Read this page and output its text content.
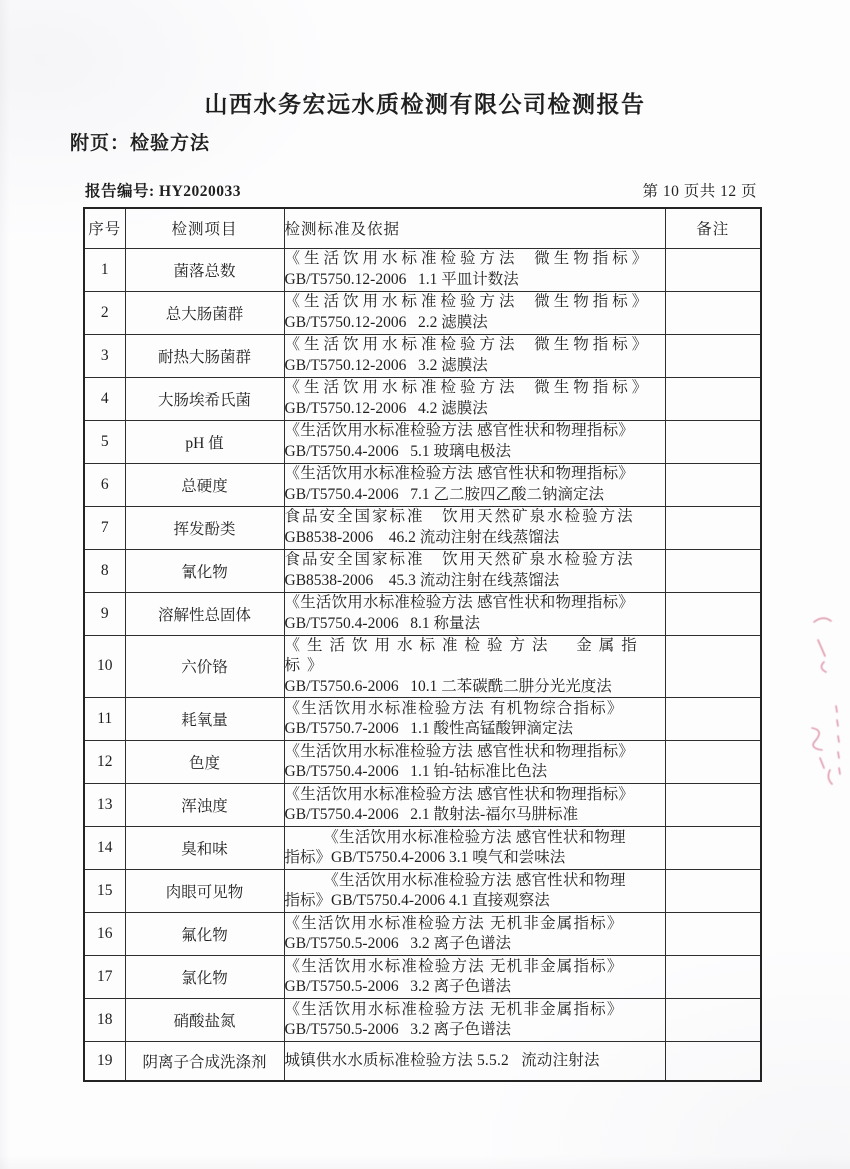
山西水务宏远水质检测有限公司检测报告
附页：检验方法
报告编号: HY2020033	第 10 页共 12 页
序号	检测项目	检测标准及依据	备注
1	菌落总数	《生活饮用水标准检验方法  微生物指标》
GB/T5750.12-2006   1.1 平皿计数法	

2	总大肠菌群	《生活饮用水标准检验方法  微生物指标》
GB/T5750.12-2006   2.2 滤膜法	

3	耐热大肠菌群	《生活饮用水标准检验方法  微生物指标》
GB/T5750.12-2006   3.2 滤膜法	

4	大肠埃希氏菌	《生活饮用水标准检验方法  微生物指标》
GB/T5750.12-2006   4.2 滤膜法	

5	pH 值	《生活饮用水标准检验方法 感官性状和物理指标》
GB/T5750.4-2006   5.1 玻璃电极法	

6	总硬度	《生活饮用水标准检验方法 感官性状和物理指标》
GB/T5750.4-2006   7.1 乙二胺四乙酸二钠滴定法	

7	挥发酚类	食品安全国家标准   饮用天然矿泉水检验方法
GB8538-2006    46.2 流动注射在线蒸馏法	

8	氰化物	食品安全国家标准   饮用天然矿泉水检验方法
GB8538-2006    45.3 流动注射在线蒸馏法	

9	溶解性总固体	《生活饮用水标准检验方法 感官性状和物理指标》
GB/T5750.4-2006   8.1 称量法	

10	六价铬	《生活饮用水标准检验方法  金属指标》
GB/T5750.6-2006   10.1 二苯碳酰二肼分光光度法	

11	耗氧量	《生活饮用水标准检验方法 有机物综合指标》
GB/T5750.7-2006   1.1 酸性高锰酸钾滴定法	

12	色度	《生活饮用水标准检验方法 感官性状和物理指标》
GB/T5750.4-2006   1.1 铂-钴标准比色法	

13	浑浊度	《生活饮用水标准检验方法 感官性状和物理指标》
GB/T5750.4-2006   2.1 散射法-福尔马肼标准	

14	臭和味	《生活饮用水标准检验方法 感官性状和物理
指标》GB/T5750.4-2006 3.1 嗅气和尝味法	

15	肉眼可见物	《生活饮用水标准检验方法 感官性状和物理
指标》GB/T5750.4-2006 4.1 直接观察法	

16	氟化物	《生活饮用水标准检验方法 无机非金属指标》
GB/T5750.5-2006   3.2 离子色谱法	

17	氯化物	《生活饮用水标准检验方法 无机非金属指标》
GB/T5750.5-2006   3.2 离子色谱法	

18	硝酸盐氮	《生活饮用水标准检验方法 无机非金属指标》
GB/T5750.5-2006   3.2 离子色谱法	

19	阴离子合成洗涤剂	城镇供水水质标准检验方法 5.5.2   流动注射法	
